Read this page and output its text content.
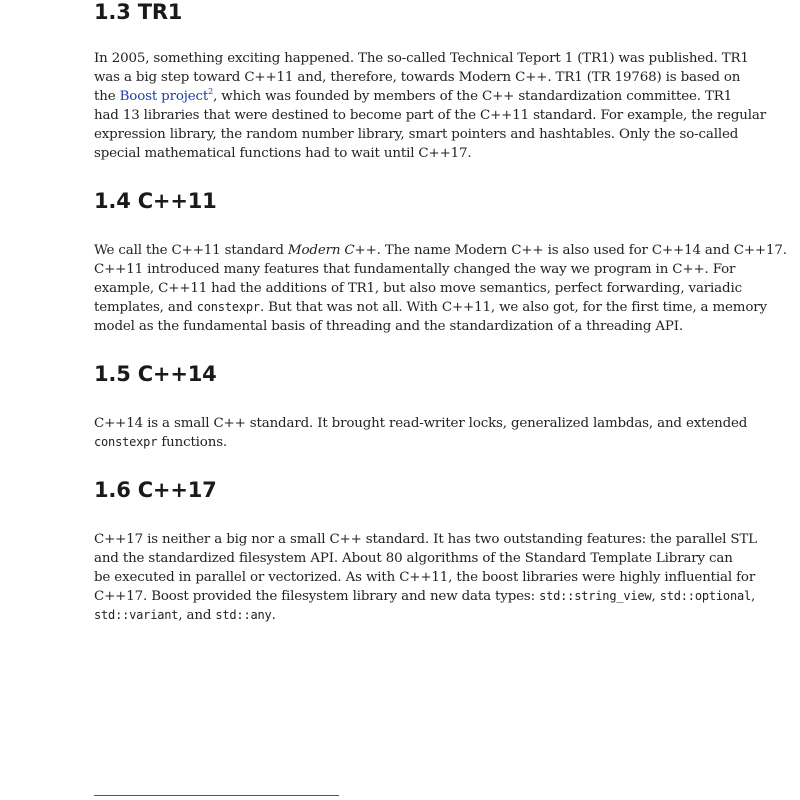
1.3 TR1
In 2005, something exciting happened. The so-called Technical Teport 1 (TR1) was published. TR1
was a big step toward C++11 and, therefore, towards Modern C++. TR1 (TR 19768) is based on
the Boost project$^2$, which was founded by members of the C++ standardization committee. TR1
had 13 libraries that were destined to become part of the C++11 standard. For example, the regular
expression library, the random number library, smart pointers and hashtables. Only the so-called
special mathematical functions had to wait until C++17.
1.4 C++11
We call the C++11 standard Modern C++. The name Modern C++ is also used for C++14 and C++17.
C++11 introduced many features that fundamentally changed the way we program in C++. For
example, C++11 had the additions of TR1, but also move semantics, perfect forwarding, variadic
templates, and constexpr. But that was not all. With C++11, we also got, for the first time, a memory
model as the fundamental basis of threading and the standardization of a threading API.
1.5 C++14
C++14 is a small C++ standard. It brought read-writer locks, generalized lambdas, and extended
constexpr functions.
1.6 C++17
C++17 is neither a big nor a small C++ standard. It has two outstanding features: the parallel STL
and the standardized filesystem API. About 80 algorithms of the Standard Template Library can
be executed in parallel or vectorized. As with C++11, the boost libraries were highly influential for
C++17. Boost provided the filesystem library and new data types: std::string_view, std::optional,
std::variant, and std::any.
